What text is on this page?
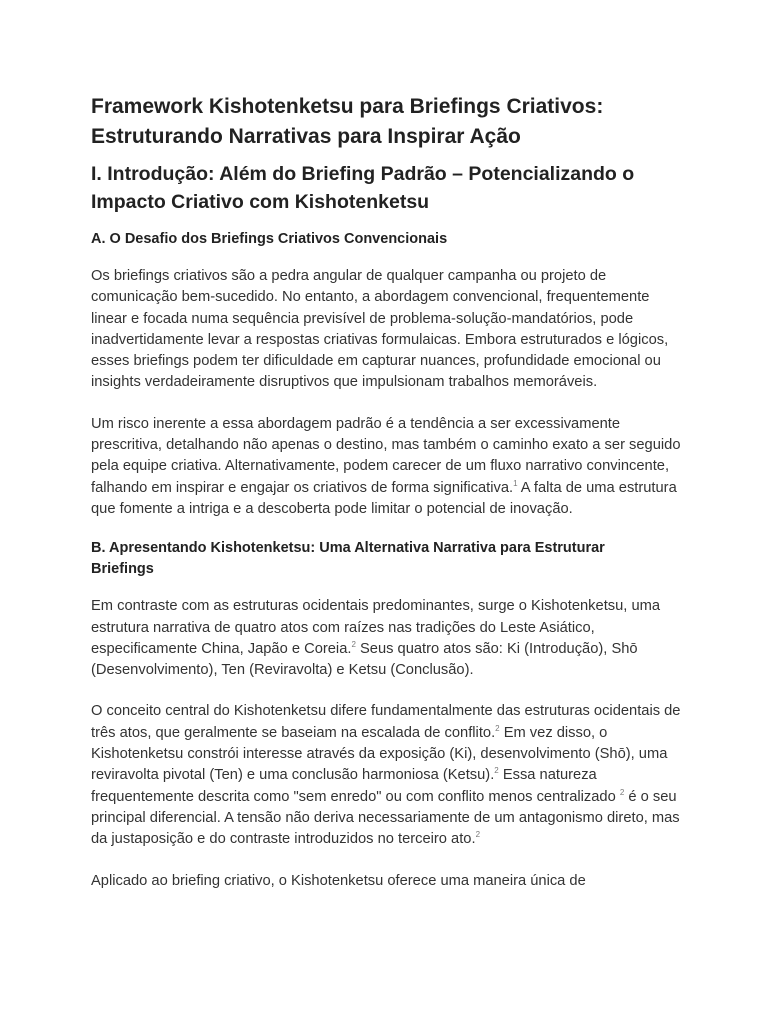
Framework Kishotenketsu para Briefings Criativos: Estruturando Narrativas para Inspirar Ação
I. Introdução: Além do Briefing Padrão – Potencializando o Impacto Criativo com Kishotenketsu
A. O Desafio dos Briefings Criativos Convencionais

Os briefings criativos são a pedra angular de qualquer campanha ou projeto de comunicação bem-sucedido. No entanto, a abordagem convencional, frequentemente linear e focada numa sequência previsível de problema-solução-mandatórios, pode inadvertidamente levar a respostas criativas formulaicas. Embora estruturados e lógicos, esses briefings podem ter dificuldade em capturar nuances, profundidade emocional ou insights verdadeiramente disruptivos que impulsionam trabalhos memoráveis.

Um risco inerente a essa abordagem padrão é a tendência a ser excessivamente prescritiva, detalhando não apenas o destino, mas também o caminho exato a ser seguido pela equipe criativa. Alternativamente, podem carecer de um fluxo narrativo convincente, falhando em inspirar e engajar os criativos de forma significativa.$^1$ A falta de uma estrutura que fomente a intriga e a descoberta pode limitar o potencial de inovação.

B. Apresentando Kishotenketsu: Uma Alternativa Narrativa para Estruturar Briefings

Em contraste com as estruturas ocidentais predominantes, surge o Kishotenketsu, uma estrutura narrativa de quatro atos com raízes nas tradições do Leste Asiático, especificamente China, Japão e Coreia.$^2$ Seus quatro atos são: Ki (Introdução), Shō (Desenvolvimento), Ten (Reviravolta) e Ketsu (Conclusão).

O conceito central do Kishotenketsu difere fundamentalmente das estruturas ocidentais de três atos, que geralmente se baseiam na escalada de conflito.$^2$ Em vez disso, o Kishotenketsu constrói interesse através da exposição (Ki), desenvolvimento (Shō), uma reviravolta pivotal (Ten) e uma conclusão harmoniosa (Ketsu).$^2$ Essa natureza frequentemente descrita como "sem enredo" ou com conflito menos centralizado $^2$ é o seu principal diferencial. A tensão não deriva necessariamente de um antagonismo direto, mas da justaposição e do contraste introduzidos no terceiro ato.$^2$

Aplicado ao briefing criativo, o Kishotenketsu oferece uma maneira única de
